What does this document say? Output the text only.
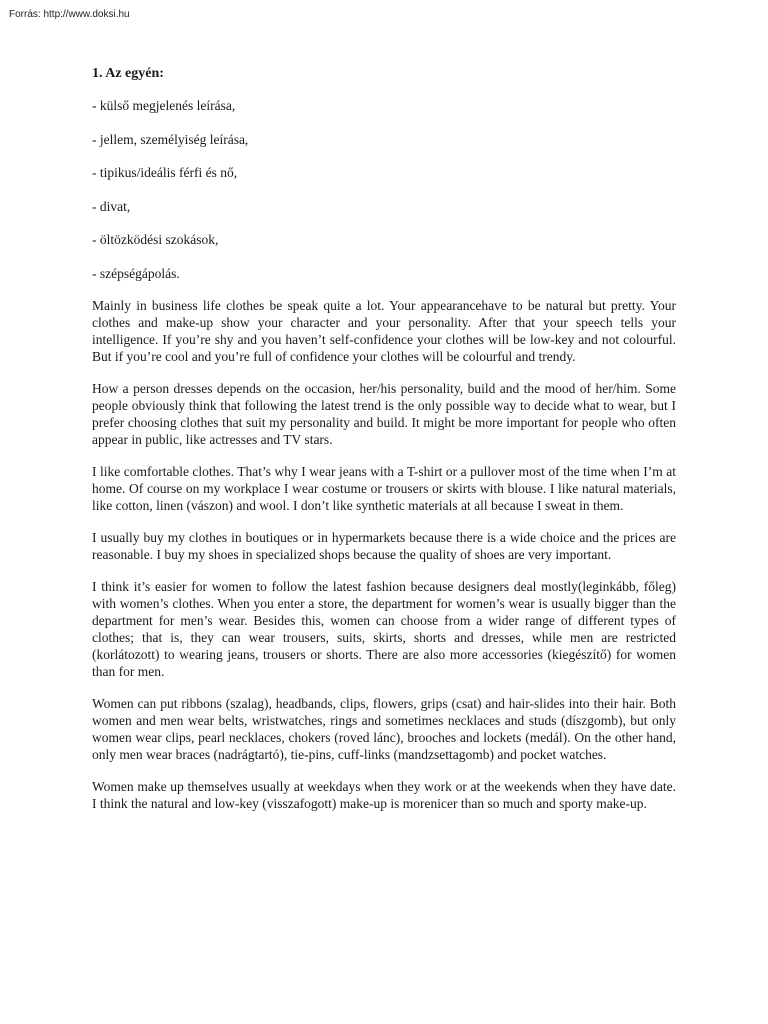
Forrás: http://www.doksi.hu
1. Az egyén:
- külső megjelenés leírása,
- jellem, személyiség leírása,
- tipikus/ideális férfi és nő,
- divat,
- öltözködési szokások,
- szépségápolás.

Mainly in business life clothes be speak quite a lot. Your appearancehave to be natural but pretty. Your clothes and make-up show your character and your personality. After that your speech tells your intelligence. If you’re shy and you haven’t self-confidence your clothes will be low-key and not colourful. But if you’re cool and you’re full of confidence your clothes will be colourful and trendy.

How a person dresses depends on the occasion, her/his personality, build and the mood of her/him. Some people obviously think that following the latest trend is the only possible way to decide what to wear, but I prefer choosing clothes that suit my personality and build. It might be more important for people who often appear in public, like actresses and TV stars.

I like comfortable clothes. That’s why I wear jeans with a T-shirt or a pullover most of the time when I’m at home. Of course on my workplace I wear costume or trousers or skirts with blouse. I like natural materials, like cotton, linen (vászon) and wool. I don’t like synthetic materials at all because I sweat in them.

I usually buy my clothes in boutiques or in hypermarkets because there is a wide choice and the prices are reasonable. I buy my shoes in specialized shops because the quality of shoes are very important.

I think it’s easier for women to follow the latest fashion because designers deal mostly(leginkább, főleg) with women’s clothes. When you enter a store, the department for women’s wear is usually bigger than the department for men’s wear. Besides this, women can choose from a wider range of different types of clothes; that is, they can wear trousers, suits, skirts, shorts and dresses, while men are restricted (korlátozott) to wearing jeans, trousers or shorts. There are also more accessories (kiegészítő) for women than for men.

Women can put ribbons (szalag), headbands, clips, flowers, grips (csat) and hair-slides into their hair. Both women and men wear belts, wristwatches, rings and sometimes necklaces and studs (díszgomb), but only women wear clips, pearl necklaces, chokers (roved lánc), brooches and lockets (medál). On the other hand, only men wear braces (nadrágtartó), tie-pins, cuff-links (mandzsettagomb) and pocket watches.

Women make up themselves usually at weekdays when they work or at the weekends when they have date. I think the natural and low-key (visszafogott) make-up is morenicer than so much and sporty make-up.
